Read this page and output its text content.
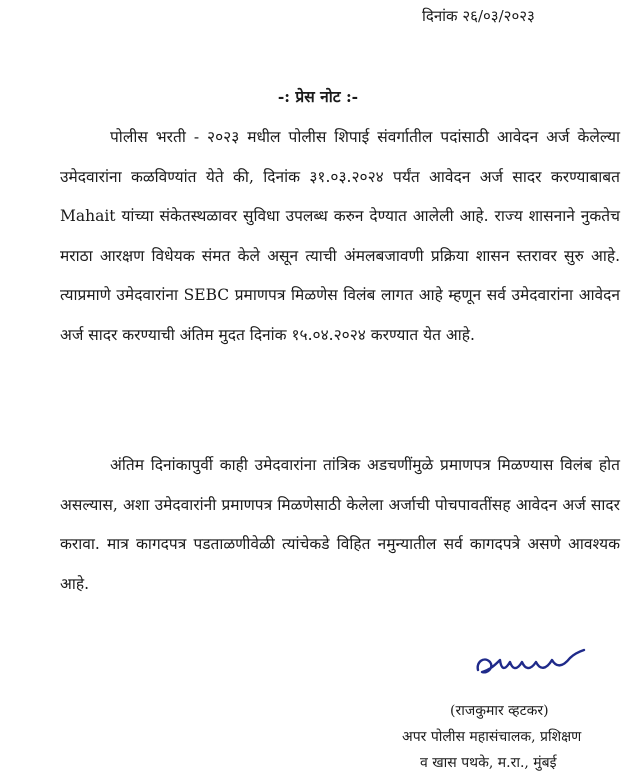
दिनांक २६/०३/२०२३
-: प्रेस नोट :-

पोलीस भरती - २०२३ मधील पोलीस शिपाई संवर्गातील पदांसाठी आवेदन अर्ज केलेल्या उमेदवारांना कळविण्यांत येते की, दिनांक ३१.०३.२०२४ पर्यंत आवेदन अर्ज सादर करण्याबाबत Mahait यांच्या संकेतस्थळावर सुविधा उपलब्ध करुन देण्यात आलेली आहे. राज्य शासनाने नुकतेच मराठा आरक्षण विधेयक संमत केले असून त्याची अंमलबजावणी प्रक्रिया शासन स्तरावर सुरु आहे. त्याप्रमाणे उमेदवारांना SEBC प्रमाणपत्र मिळणेस विलंब लागत आहे म्हणून सर्व उमेदवारांना आवेदन अर्ज सादर करण्याची अंतिम मुदत दिनांक १५.०४.२०२४ करण्यात येत आहे.

अंतिम दिनांकापुर्वी काही उमेदवारांना तांत्रिक अडचणींमुळे प्रमाणपत्र मिळण्यास विलंब होत असल्यास, अशा उमेदवारांनी प्रमाणपत्र मिळणेसाठी केलेला अर्जाची पोचपावतींसह आवेदन अर्ज सादर करावा. मात्र कागदपत्र पडताळणीवेळी त्यांचेकडे विहित नमुन्यातील सर्व कागदपत्रे असणे आवश्यक आहे.

(राजकुमार व्हटकर)
अपर पोलीस महासंचालक, प्रशिक्षण
व खास पथके, म.रा., मुंबई
